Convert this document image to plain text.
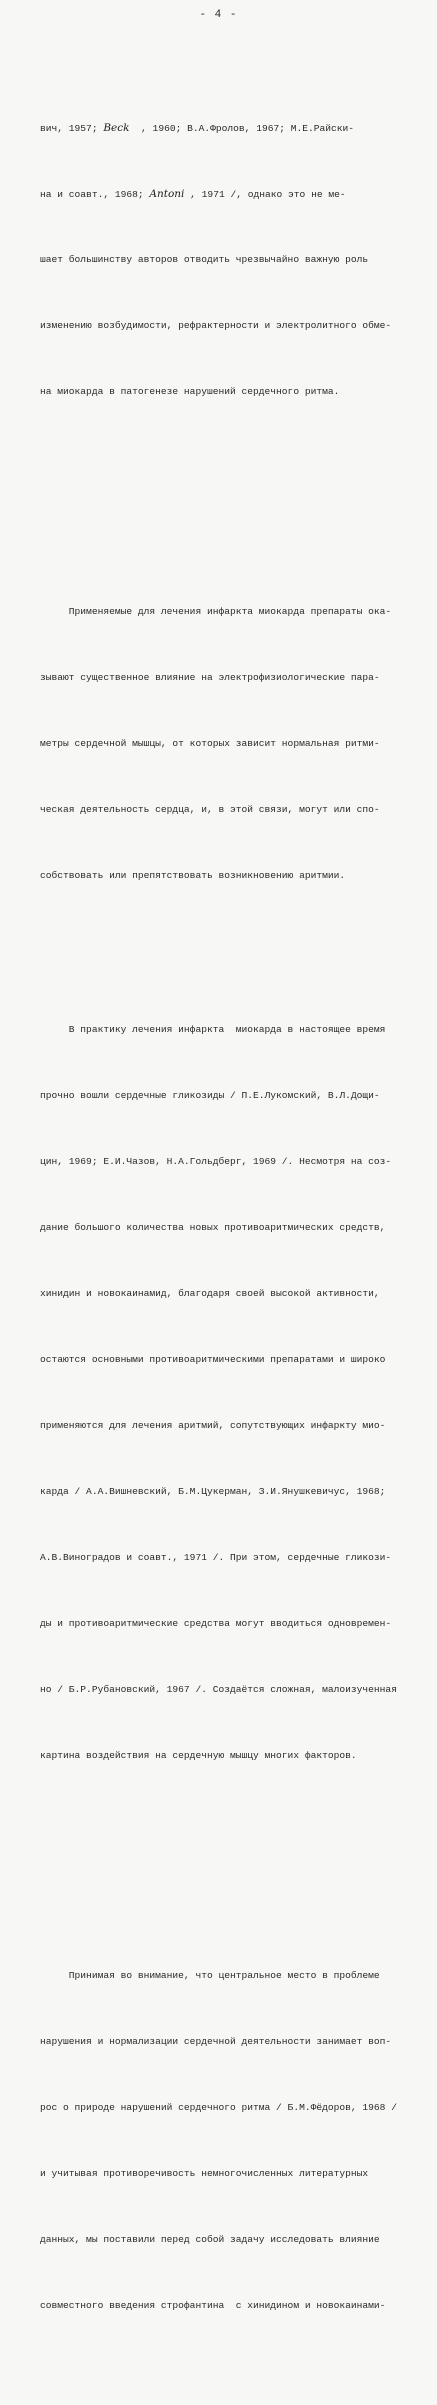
- 4 -

вич, 1957; Beck  , 1960; В.А.Фролов, 1967; М.Е.Райски-

на и соавт., 1968; Antoni , 1971 /, однако это не ме-

шает большинству авторов отводить чрезвычайно важную роль

изменению возбудимости, рефрактерности и электролитного обме-

на миокарда в патогенезе нарушений сердечного ритма.

Применяемые для лечения инфаркта миокарда препараты ока-

зывают существенное влияние на электрофизиологические пара-

метры сердечной мышцы, от которых зависит нормальная ритми-

ческая деятельность сердца, и, в этой связи, могут или спо-

собствовать или препятствовать возникновению аритмии.

В практику лечения инфаркта  миокарда в настоящее время

прочно вошли сердечные гликозиды / П.Е.Лукомский, В.Л.Дощи-

цин, 1969; Е.И.Чазов, Н.А.Гольдберг, 1969 /. Несмотря на соз-

дание большого количества новых противоаритмических средств,

хинидин и новокаинамид, благодаря своей высокой активности,

остаются основными противоаритмическими препаратами и широко

применяются для лечения аритмий, сопутствующих инфаркту мио-

карда / А.А.Вишневский, Б.М.Цукерман, З.И.Янушкевичус, 1968;

А.В.Виноградов и соавт., 1971 /. При этом, сердечные гликози-

ды и противоаритмические средства могут вводиться одновремен-

но / Б.Р.Рубановский, 1967 /. Создаётся сложная, малоизученная

картина воздействия на сердечную мышцу многих факторов.

Принимая во внимание, что центральное место в проблеме

нарушения и нормализации сердечной деятельности занимает воп-

рос о природе нарушений сердечного ритма / Б.М.Фёдоров, 1968 /

и учитывая противоречивость немногочисленных литературных

данных, мы поставили перед собой задачу исследовать влияние

совместного введения строфантина  с хинидином и новокаинами-
